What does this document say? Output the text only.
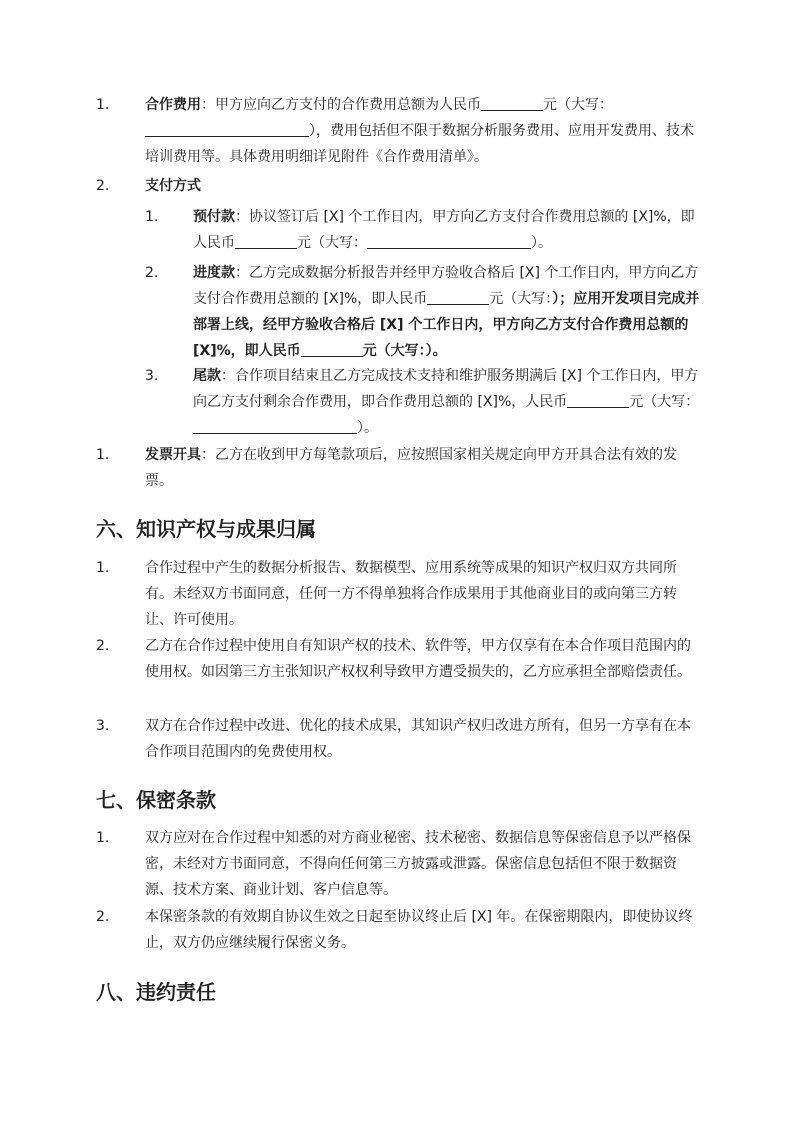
1.	合作费用：甲方应向乙方支付的合作费用总额为人民币	元（大写：
），费用包括但不限于数据分析服务费用、应用开发费用、技术培训费用等。具体费用明细详见附件《合作费用清单》。
2.	支付方式
1. 预付款：协议签订后 [X] 个工作日内，甲方向乙方支付合作费用总额的 [X]%，即人民币	元（大写：	）。
2. 进度款：乙方完成数据分析报告并经甲方验收合格后 [X] 个工作日内，甲方向乙方支付合作费用总额的 [X]%，即人民币	元（大写：）；应用开发项目完成并部署上线，经甲方验收合格后 [X] 个工作日内，甲方向乙方支付合作费用总额的 [X]%，即人民币	元（大写：）。
3. 尾款：合作项目结束且乙方完成技术支持和维护服务期满后 [X] 个工作日内，甲方向乙方支付剩余合作费用，即合作费用总额的 [X]%，人民币	元（大写：）。
1.	发票开具：乙方在收到甲方每笔款项后，应按照国家相关规定向甲方开具合法有效的发票。
六、知识产权与成果归属
1.	合作过程中产生的数据分析报告、数据模型、应用系统等成果的知识产权归双方共同所有。未经双方书面同意，任何一方不得单独将合作成果用于其他商业目的或向第三方转让、许可使用。
2.	乙方在合作过程中使用自有知识产权的技术、软件等，甲方仅享有在本合作项目范围内的使用权。如因第三方主张知识产权权利导致甲方遭受损失的，乙方应承担全部赔偿责任。
3.	双方在合作过程中改进、优化的技术成果，其知识产权归改进方所有，但另一方享有在本合作项目范围内的免费使用权。
七、保密条款
1.	双方应对在合作过程中知悉的对方商业秘密、技术秘密、数据信息等保密信息予以严格保密，未经对方书面同意，不得向任何第三方披露或泄露。保密信息包括但不限于数据资源、技术方案、商业计划、客户信息等。
2.	本保密条款的有效期自协议生效之日起至协议终止后 [X] 年。在保密期限内，即使协议终止，双方仍应继续履行保密义务。
八、违约责任
